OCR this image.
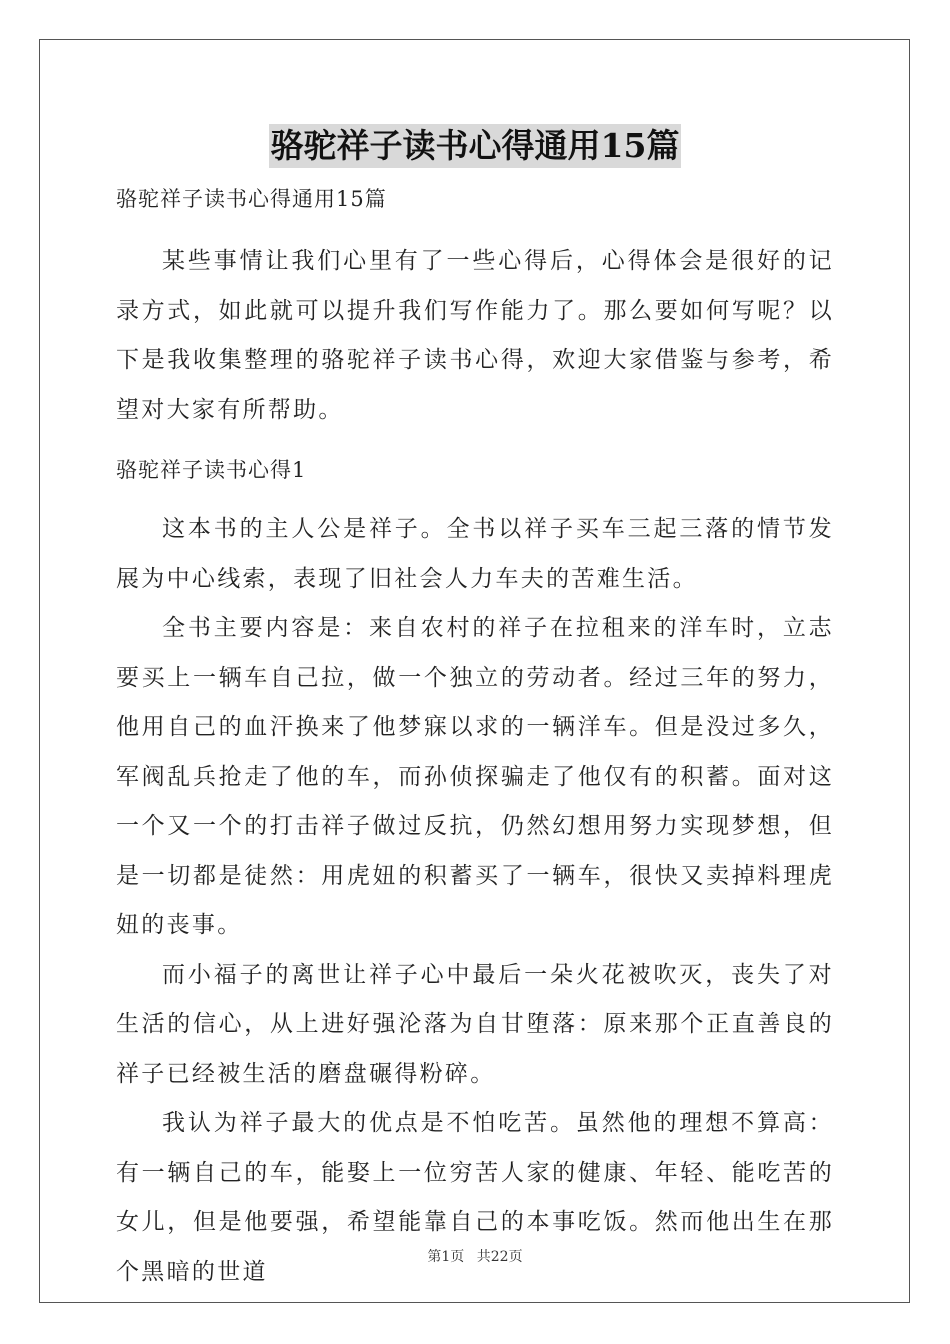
骆驼祥子读书心得通用15篇

骆驼祥子读书心得通用15篇

某些事情让我们心里有了一些心得后，心得体会是很好的记录方式，如此就可以提升我们写作能力了。那么要如何写呢？以下是我收集整理的骆驼祥子读书心得，欢迎大家借鉴与参考，希望对大家有所帮助。

骆驼祥子读书心得1

这本书的主人公是祥子。全书以祥子买车三起三落的情节发展为中心线索，表现了旧社会人力车夫的苦难生活。

全书主要内容是：来自农村的祥子在拉租来的洋车时，立志要买上一辆车自己拉，做一个独立的劳动者。经过三年的努力，他用自己的血汗换来了他梦寐以求的一辆洋车。但是没过多久，军阀乱兵抢走了他的车，而孙侦探骗走了他仅有的积蓄。面对这一个又一个的打击祥子做过反抗，仍然幻想用努力实现梦想，但是一切都是徒然：用虎妞的积蓄买了一辆车，很快又卖掉料理虎妞的丧事。

而小福子的离世让祥子心中最后一朵火花被吹灭，丧失了对生活的信心，从上进好强沦落为自甘堕落：原来那个正直善良的祥子已经被生活的磨盘碾得粉碎。

我认为祥子最大的优点是不怕吃苦。虽然他的理想不算高：有一辆自己的车，能娶上一位穷苦人家的健康、年轻、能吃苦的女儿，但是他要强，希望能靠自己的本事吃饭。然而他出生在那个黑暗的世道

第1页 共22页
